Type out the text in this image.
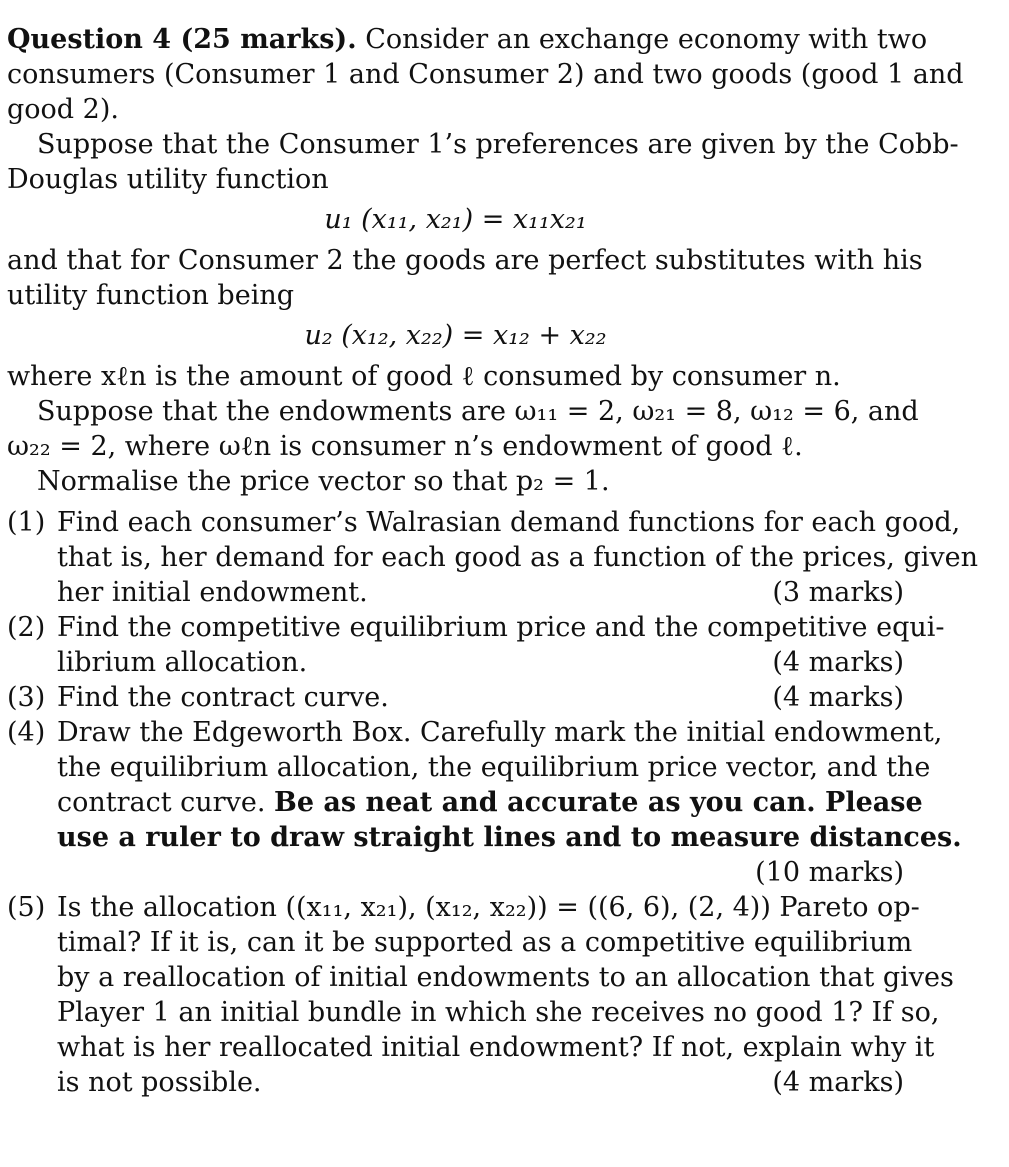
Question 4 (25 marks). Consider an exchange economy with two
consumers (Consumer 1 and Consumer 2) and two goods (good 1 and
good 2).
Suppose that the Consumer 1’s preferences are given by the Cobb-
Douglas utility function
u₁ (x₁₁, x₂₁) = x₁₁x₂₁
and that for Consumer 2 the goods are perfect substitutes with his
utility function being
u₂ (x₁₂, x₂₂) = x₁₂ + x₂₂
where xℓn is the amount of good ℓ consumed by consumer n.
Suppose that the endowments are ω₁₁ = 2, ω₂₁ = 8, ω₁₂ = 6, and
ω₂₂ = 2, where ωℓn is consumer n’s endowment of good ℓ.
Normalise the price vector so that p₂ = 1.
(1) Find each consumer’s Walrasian demand functions for each good,
that is, her demand for each good as a function of the prices, given
her initial endowment.	(3 marks)
(2) Find the competitive equilibrium price and the competitive equi-
librium allocation.	(4 marks)
(3) Find the contract curve.	(4 marks)
(4) Draw the Edgeworth Box. Carefully mark the initial endowment,
the equilibrium allocation, the equilibrium price vector, and the
contract curve. Be as neat and accurate as you can. Please
use a ruler to draw straight lines and to measure distances.
(10 marks)
(5) Is the allocation ((x₁₁, x₂₁), (x₁₂, x₂₂)) = ((6, 6), (2, 4)) Pareto op-
timal? If it is, can it be supported as a competitive equilibrium
by a reallocation of initial endowments to an allocation that gives
Player 1 an initial bundle in which she receives no good 1? If so,
what is her reallocated initial endowment? If not, explain why it
is not possible.	(4 marks)
